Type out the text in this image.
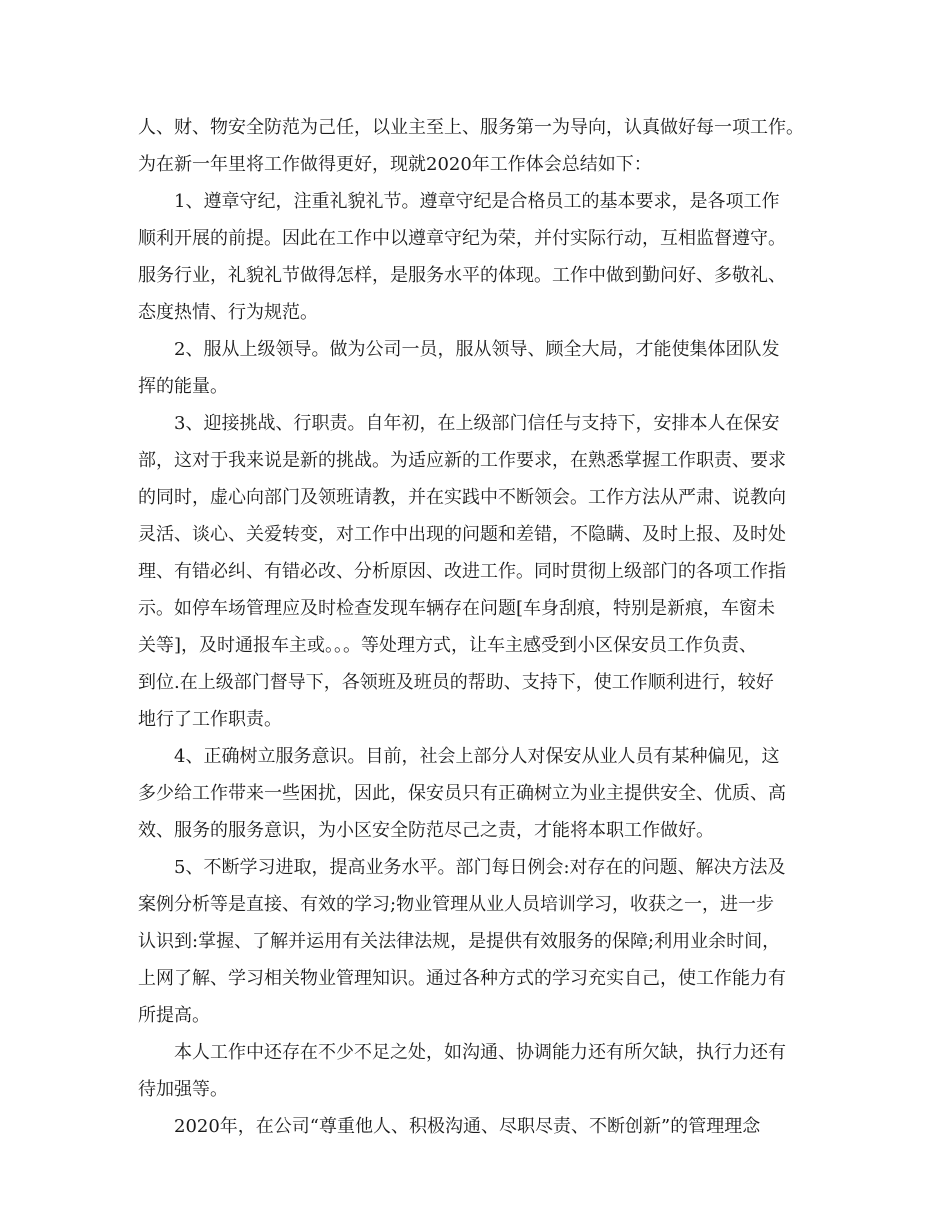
人、财、物安全防范为己任，以业主至上、服务第一为导向，认真做好每一项工作。
为在新一年里将工作做得更好，现就2020年工作体会总结如下：
1、遵章守纪，注重礼貌礼节。遵章守纪是合格员工的基本要求，是各项工作
顺利开展的前提。因此在工作中以遵章守纪为荣，并付实际行动，互相监督遵守。
服务行业，礼貌礼节做得怎样，是服务水平的体现。工作中做到勤问好、多敬礼、
态度热情、行为规范。
2、服从上级领导。做为公司一员，服从领导、顾全大局，才能使集体团队发
挥的能量。
3、迎接挑战、行职责。自年初，在上级部门信任与支持下，安排本人在保安
部，这对于我来说是新的挑战。为适应新的工作要求，在熟悉掌握工作职责、要求
的同时，虚心向部门及领班请教，并在实践中不断领会。工作方法从严肃、说教向
灵活、谈心、关爱转变，对工作中出现的问题和差错，不隐瞒、及时上报、及时处
理、有错必纠、有错必改、分析原因、改进工作。同时贯彻上级部门的各项工作指
示。如停车场管理应及时检查发现车辆存在问题[车身刮痕，特别是新痕，车窗未
关等]，及时通报车主或。。。等处理方式，让车主感受到小区保安员工作负责、
到位.在上级部门督导下，各领班及班员的帮助、支持下，使工作顺利进行，较好
地行了工作职责。
4、正确树立服务意识。目前，社会上部分人对保安从业人员有某种偏见，这
多少给工作带来一些困扰，因此，保安员只有正确树立为业主提供安全、优质、高
效、服务的服务意识，为小区安全防范尽己之责，才能将本职工作做好。
5、不断学习进取，提高业务水平。部门每日例会:对存在的问题、解决方法及
案例分析等是直接、有效的学习;物业管理从业人员培训学习，收获之一，进一步
认识到:掌握、了解并运用有关法律法规，是提供有效服务的保障;利用业余时间，
上网了解、学习相关物业管理知识。通过各种方式的学习充实自己，使工作能力有
所提高。
本人工作中还存在不少不足之处，如沟通、协调能力还有所欠缺，执行力还有
待加强等。
2020年，在公司“尊重他人、积极沟通、尽职尽责、不断创新”的管理理念
